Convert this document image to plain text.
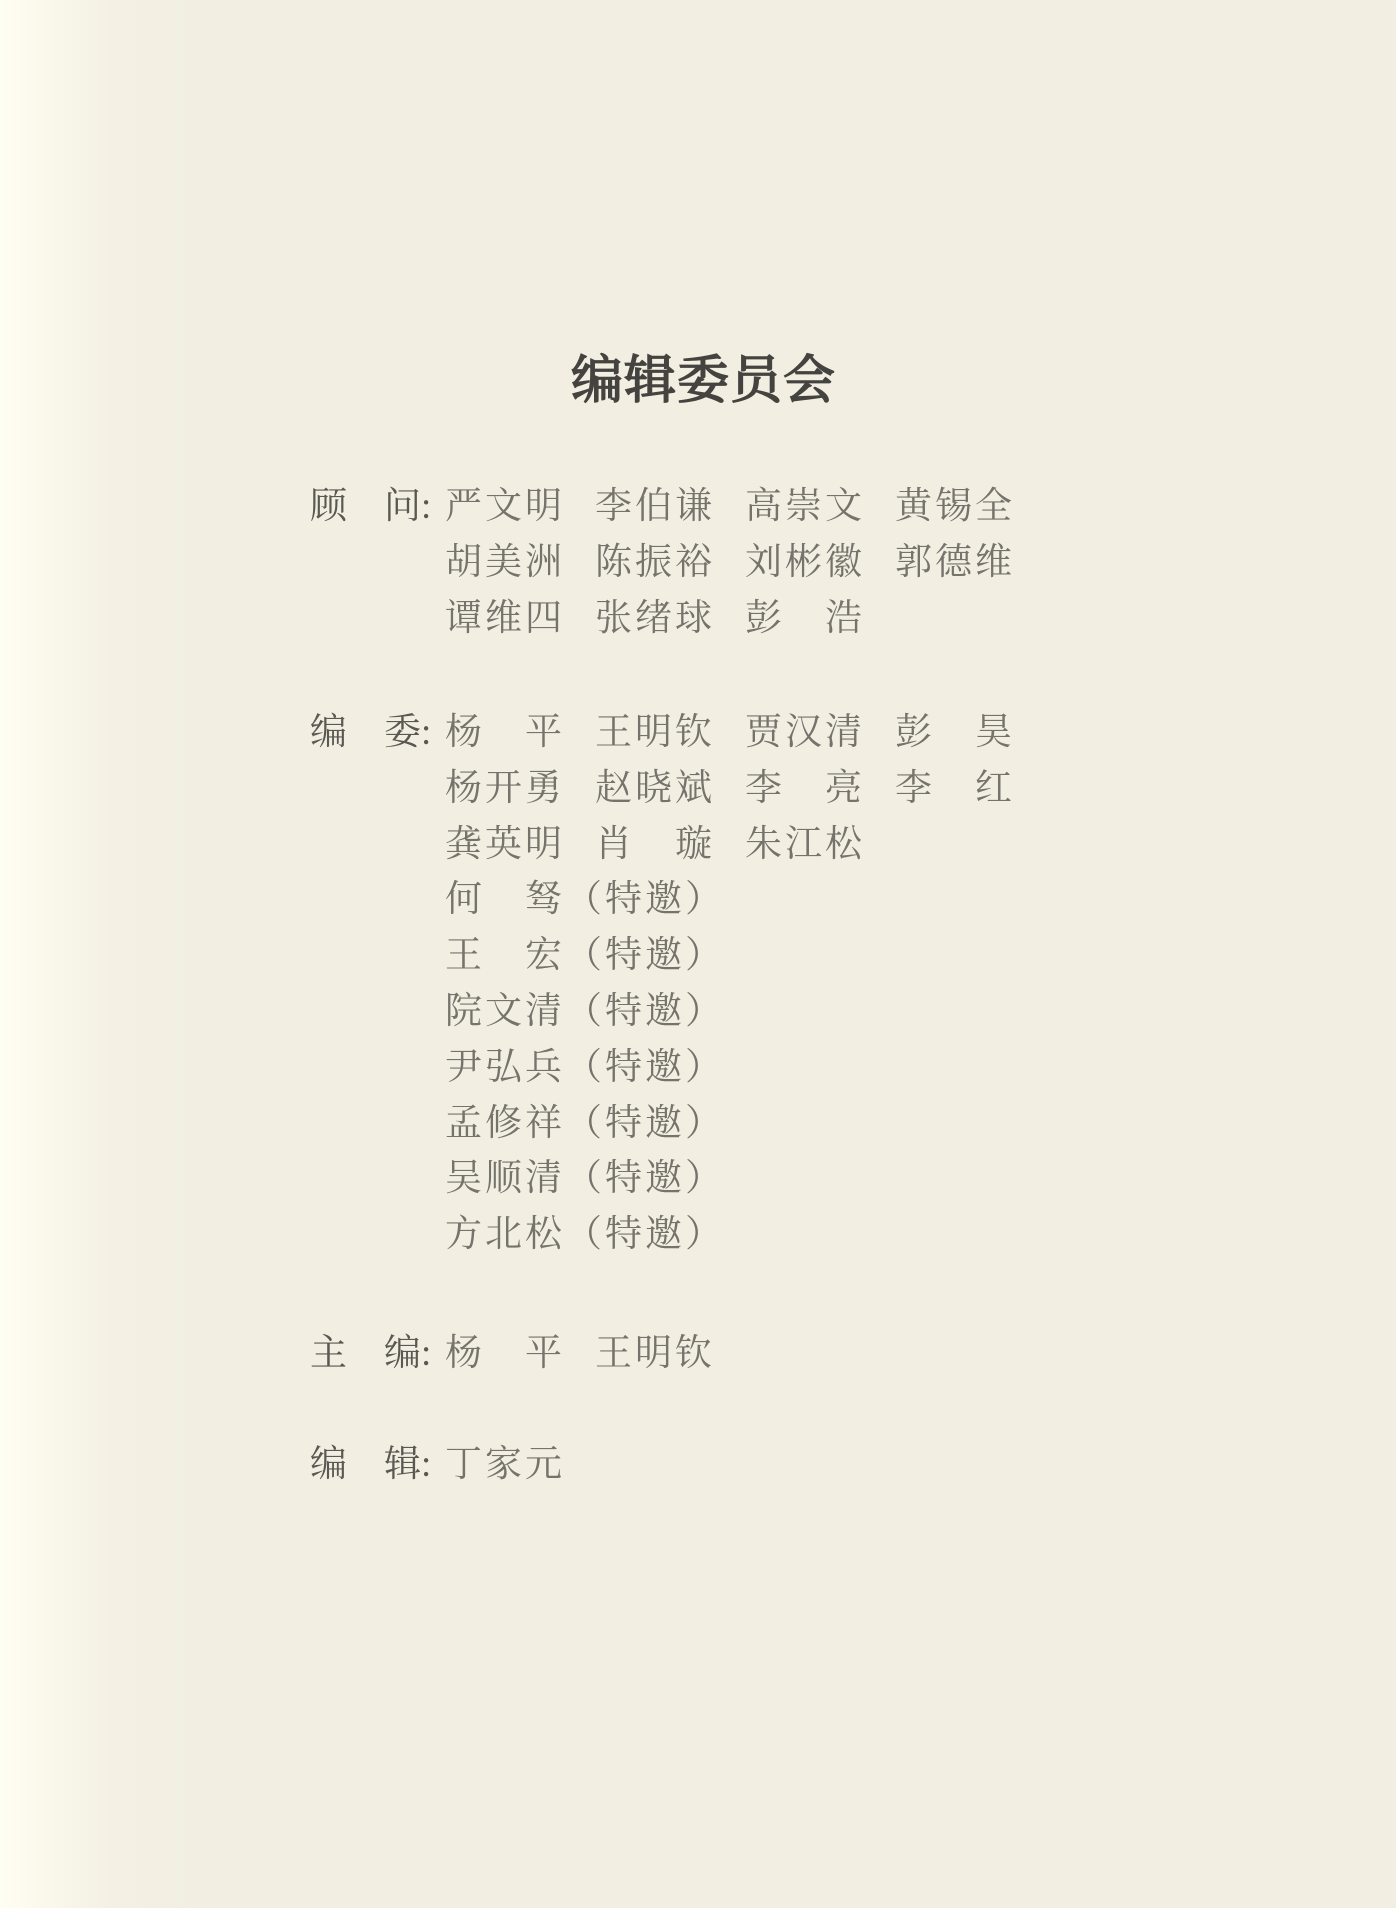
编辑委员会
顾　问: 严文明 李伯谦 高崇文 黄锡全
胡美洲 陈振裕 刘彬徽 郭德维
谭维四 张绪球 彭　浩
编　委: 杨　平 王明钦 贾汉清 彭　昊
杨开勇 赵晓斌 李　亮 李　红
龚英明 肖　璇 朱江松
何　驽（特邀）
王　宏（特邀）
院文清（特邀）
尹弘兵（特邀）
孟修祥（特邀）
吴顺清（特邀）
方北松（特邀）
主　编: 杨　平 王明钦
编　辑: 丁家元
